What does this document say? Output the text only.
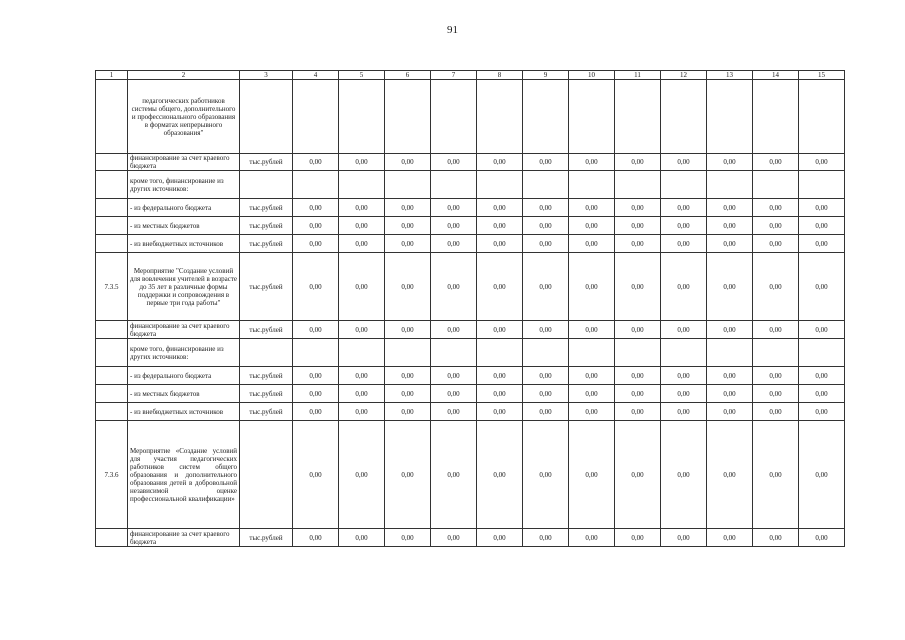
91
1	2	3	4	5	6	7	8	9	10	11	12	13	14	15
	педагогических работников системы общего, дополнительного и профессионального образования в форматах непрерывного образования"													
	финансирование за счет краевого бюджета	тыс.рублей	0,00	0,00	0,00	0,00	0,00	0,00	0,00	0,00	0,00	0,00	0,00	0,00
	кроме того, финансирование из других источников:													
	- из федерального бюджета	тыс.рублей	0,00	0,00	0,00	0,00	0,00	0,00	0,00	0,00	0,00	0,00	0,00	0,00
	- из местных бюджетов	тыс.рублей	0,00	0,00	0,00	0,00	0,00	0,00	0,00	0,00	0,00	0,00	0,00	0,00
	- из внебюджетных источников	тыс.рублей	0,00	0,00	0,00	0,00	0,00	0,00	0,00	0,00	0,00	0,00	0,00	0,00
7.3.5	Мероприятие "Создание условий для вовлечения учителей в возрасте до 35 лет в различные формы поддержки и сопровождения в первые три года работы"	тыс.рублей	0,00	0,00	0,00	0,00	0,00	0,00	0,00	0,00	0,00	0,00	0,00	0,00
	финансирование за счет краевого бюджета	тыс.рублей	0,00	0,00	0,00	0,00	0,00	0,00	0,00	0,00	0,00	0,00	0,00	0,00
	кроме того, финансирование из других источников:													
	- из федерального бюджета	тыс.рублей	0,00	0,00	0,00	0,00	0,00	0,00	0,00	0,00	0,00	0,00	0,00	0,00
	- из местных бюджетов	тыс.рублей	0,00	0,00	0,00	0,00	0,00	0,00	0,00	0,00	0,00	0,00	0,00	0,00
	- из внебюджетных источников	тыс.рублей	0,00	0,00	0,00	0,00	0,00	0,00	0,00	0,00	0,00	0,00	0,00	0,00
7.3.6	Мероприятие «Создание условий для участия педагогических работников систем общего образования и дополнительного образования детей в добровольной независимой оценке профессиональной квалификации»		0,00	0,00	0,00	0,00	0,00	0,00	0,00	0,00	0,00	0,00	0,00	0,00
	финансирование за счет краевого бюджета	тыс.рублей	0,00	0,00	0,00	0,00	0,00	0,00	0,00	0,00	0,00	0,00	0,00	0,00
